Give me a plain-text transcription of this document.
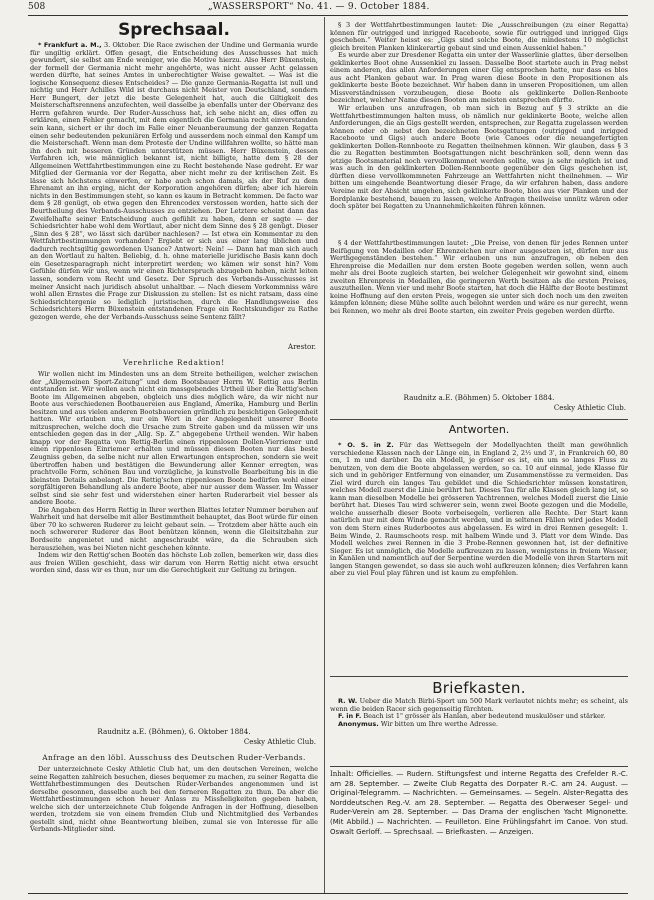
508	„WASSERSPORT“ No. 41. — 9. October 1884.
Sprechsaal.

* Frankfurt a. M., 3. Oktober. Die Race zwischen der Undine und Germania wurde für ungiltig erklärt. Offen gesagt, die Entscheidung des Ausschusses hat mich gewundert, sie selbst am Ende weniger, wie die Motive hierzu. Also Herr Büxenstein, der formell der Germania nicht mehr angehörte, was nicht ausser Acht gelassen werden dürfte, hat seines Amtes in unberechtigter Weise gewaltet. — Was ist die logische Konsequenz dieses Entscheides? — Die ganze Germania-Regatta ist null und nichtig und Herr Achilles Wild ist durchaus nicht Meister von Deutschland, sondern Herr Bungert, der jetzt die beste Gelegenheit hat, auch die Giltigkeit des Meisterschaftsrennens anzufechten, weil dasselbe ja ebenfalls unter der Obervanz des Herrn gefahren wurde. Der Ruder-Ausschuss hat, ich sehe nicht an, dies offen zu erklären, einen Fehler gemacht, mit dem eigentlich die Germania recht einverstanden sein kann, sichert er ihr doch im Falle einer Neuanberaumung der ganzen Regatta einen sehr bedeutenden pekuniären Erfolg und ausserdem noch einmal den Kampf um die Meisterschaft. Wenn man dem Proteste der Undine willfahren wollte, so hätte man ihn doch mit besseren Gründen unterstützen müssen. Herr Büxenstein, dessen Verfahren ich, wie männiglich bekannt ist, nicht billigte, hatte dem § 28 der Allgemeinen Wettfahrtbestimmungen eine zu Recht bestehende Nase gedreht. Er war Mitglied der Germania vor der Regatta, aber nicht mehr zu der kritischen Zeit. Es lässe sich höchstens einwerfen, er habe auch schon damals, als der Ruf zu dem Ehrenamt an ihn erging, nicht der Korporation angehören dürfen; aber ich hierein nichts in den Bestimmungen steht, so kann es kaum in Betracht kommen. De facto war dem § 28 genügt, ob etwa gegen den Ehrencodex verstossen worden, hatte sich der Beurtheilung des Verbands-Ausschusses zu entziehen. Der Letztere scheint dann das Zweifelhafte seiner Entscheidung auch gefühlt zu haben, denn er sagte — der Schiedsrichter habe wohl dem Wortlaut, aber nicht dem Sinne des § 28 genügt. Dieser „Sinn des § 28“, wo lässt sich darüber nachlesen? — Ist etwa ein Kommentar zu den Wettfahrtbestimmungen vorhanden? Ergiebt er sich aus einer lang üblichen und dadurch rechtsgiltig gewordenen Usance? Antwort: Nein! — Dann hat man sich auch an den Wortlaut zu halten. Beliebig, d. h. ohne materielle juridische Basis kann doch ein Gesetzesparagraph nicht interpretirt werden; wo kämen wir sonst hin? Vom Gefühle dürfen wir uns, wenn wir einen Richterspruch abzugeben haben, nicht leiten lassen, sondern vom Recht und Gesetz. Der Spruch des Verbands-Ausschusses ist meiner Ansicht nach juridisch absolut unhaltbar. — Nach diesem Vorkommniss wäre wohl allen Ernstes die Frage zur Diskussion zu stellen: Ist es nicht ratsam, dass eine Schiedsrichtergenie so lediglich juristischen, durch die Handlungsweise des Schiedsrichters Herrn Büxenstein entstandenen Frage ein Rechtskundiger zu Rathe gezogen werde, ehe der Verbands-Ausschuss seine Sentenz fällt?

Arestor.
Verehrliche Redaktion!

Wir wollen nicht im Mindesten uns an dem Streite betheiligen, welcher zwischen der „Allgemeinen Sport-Zeitung“ und dem Bootsbauer Herrn W. Rettig aus Berlin entstanden ist. Wir wollen auch nicht ein massgebendes Urtheil über die Rettig'schen Boote im Allgemeinen abgeben, obgleich uns dies möglich wäre, da wir nicht nur Boote aus verschiedenen Bootbauereien aus England, Amerika, Hamburg und Berlin besitzen und aus vielen anderen Bootsbauereien gründlich zu besichtigen Gelegenheit hatten. Wir erlauben uns, nur ein Wort in der Angelegenheit unserer Boote mitzusprechen, welche doch die Ursache zum Streite gaben und da müssen wir uns entschieden gegen das in der „Allg. Sp. Z.“ abgegebene Urtheil wenden. Wir haben knapp vor der Regatta von Rettig-Berlin einen rippenlosen Dollen-Vierriemer und einen rippenlosen Einriemer erhalten und müssen diesen Booten nur das beste Zeugniss geben, da selbe nicht nur allen Erwartungen entsprochen, sondern sie weit übertroffen haben und bestätigen die Bewunderung aller Kenner erregten, was prachtvolle Form, schönen Bau und vorzügliche, ja kunstvolle Bearbeitung bis in die kleinsten Details anbelangt. Die Rettig'schen rippenlosen Boote bedürfen wohl einer sorgfältigeren Behandlung als andere Boote, aber nur ausser dem Wasser. Im Wasser selbst sind sie sehr fest und widerstehen einer harten Ruderarbeit viel besser als andere Boote.

Die Angaben des Herrn Rettig in Ihrer werthen Blattes letzter Nummer beruhen auf Wahrheit und hat derselbe mit aller Bestimmtheit behauptet, das Boot würde für einen über 70 ko schweren Ruderer zu leicht gebaut sein. — Trotzdem aber hätte auch ein noch schwererer Ruderer das Boot benützen können, wenn die Gleitsitzbahn zur Bordseite angenietet und nicht angeschraubt wäre, da die Schrauben sich herausziehen, was bei Nieten nicht geschehen könnte.

Indem wir den Rettig'schen Booten das höchste Lob zollen, bemerken wir, dass dies aus freien Willen geschieht, dass wir darum von Herrn Rettig nicht etwa ersucht worden sind, dass wir es thun, nur um die Gerechtigkeit zur Geltung zu bringen.

Raudnitz a.E. (Böhmen), 6. Oktober 1884.
Cesky Athletic Club.
Anfrage an den löbl. Ausschuss des Deutschen Ruder-Verbands.

Der unterzeichnete Cesky Athletic Club hat, um den deutschen Vereinen, welche seine Regatten zahlreich besuchen, dieses bequemer zu machen, zu seiner Regatta die Wettfahrtbestimmungen des Deutschen Ruder-Verbandes angenommen und ist derselbe gesonnen, dasselbe auch bei den ferneren Regatten zu thun. Da aber die Wettfahrtbestimmungen schon heuer Anlass zu Missheligkeiten gegeben haben, welche sich der unterzeichnete Club folgende Anfragen in der Hoffnung, dieselben werden, trotzdem sie von einem fremden Club und Nichtmitglied des Verbandes gestellt sind, nicht ohne Beantwortung bleiben, zumal sie von Interesse für alle Verbands-Mitglieder sind.

§ 3 der Wettfahrtbestimmungen lautet: Die „Ausschreibungen (zu einer Regatta) können für outrigged und inrigged Raceboote, sowie für outrigged und inrigged Gigs geschehen.“ Weiter heisst es: „Gigs sind solche Boote, die mindestens 10 möglichst gleich breiten Planken klinkerartig gebaut sind und einen Aussenkiel haben.“

Es wurde aber zur Dresdener Regatta ein unter der Wasserlinie glattes, über derselben geklinkertes Boot ohne Aussenkiel zu lassen. Dasselbe Boot startete auch in Prag nebst einem anderen, das allen Anforderungen einer Gig entsprochen hatte, nur dass es blos aus acht Planken gebaut war. In Prag waren diese Boote in den Propositionen als geklinkerte beste Boote bezeichnet. Wir haben dann in unseren Propositionen, um allen Missverständnissen vorzubeugen, diese Boote als geklinkerte Dollen-Renboote bezeichnet, welcher Name diesen Booten am meisten entsprechen dürfte.

Wir erlauben uns anzufragen, ob man sich in Bezug auf § 3 strikte an die Wettfahrtbestimmungen halten muss, ob nämlich nur geklinkerte Boote, welche allen Anforderungen, die an Gigs gestellt werden, entsprechen, zur Regatta zugelassen werden können oder ob nebst den bezeichneten Bootsgattungen (outrigged und inrigged Raceboote und Gigs) auch andere Boote (wie Canoes oder die neuangefertigten geklinkerten Dollen-Rennboote zu Regatten theilnehmen können. Wir glauben, dass § 3 die zu Regatten bestimmten Bootsgattungen nicht beschränken soll, denn wenn das jetzige Bootsmaterial noch vervollkommnet werden sollte, was ja sehr möglich ist und was auch in den geklinkerten Dollen-Rennboote gegenüber den Gigs geschehen ist, dürften diese vervollkommneten Fahrzeuge an Wettfahrten nicht theilnehmen. — Wir bitten um eingehende Beantwortung dieser Frage, da wir erfahren haben, dass andere Vereine mit der Absicht umgehen, sich geklinkerte Boote, blos aus vier Planken und der Bordplanke bestehend, bauen zu lassen, welche Anfragen theilweise unnütz wären oder doch später bei Regatten zu Unannehmlichkeiten führen können.

§ 4 der Wettfahrtbestimmungen lautet: „Die Preise, von denen für jedes Rennen unter Beifügung von Medaillen oder Ehrenzeichen nur einer ausgesetzen ist, dürfen nur aus Werthgegenständen bestehen.“ Wir erlauben uns nun anzufragen, ob neben den Ehrenpreise die Medaillen nur dem ersten Boote gegeben werden sollen, wenn auch mehr als drei Boote zugleich starten, bei welcher Gelegenheit wir gewohnt sind, einem zweiten Ehrenpreis in Medaillen, die geringeren Werth besitzen als die ersten Preises, auszutheilen. Wenn vier und mehr Boote starten, hat doch die Hälfte der Boote bestimmt keine Hoffnung auf den ersten Preis, wogegen sie unter sich doch noch um den zweiten kämpfen können; diese Mühe sollte auch belohnt werden und wäre es nur gerecht, wenn bei Rennen, wo mehr als drei Boote starten, ein zweiter Preis gegeben werden dürfte.

Raudnitz a.E. (Böhmen) 5. Oktober 1884.
Cesky Athletic Club.
Antworten.

* O. S. in Z. Für das Wettsegeln der Modellyachten theilt man gewöhnlich verschiedene Klassen nach der Länge ein, in England 2, 2½ und 3', in Frankreich 60, 80 cm, 1 m und darüber. Da ein Modell, je grösser es ist, ein um so langes Fluss zu benutzen, von dem die Boote abgelassen werden, so ca. 10 auf einmal, jede Klasse für sich und in gehöriger Entfernung von einander, um Zusammenstösse zu vermeiden. Das Ziel wird durch ein langes Tau gebildet und die Schiedsrichter müssen konstatiren, welches Modell zuerst die Linie berührt hat. Dieses Tau für alle Klassen gleich lang ist, so kann man dieselben Modelle bei grösseren Yachtrennen, welches Modell zuerst die Linie berührt hat. Dieses Tau wird schwerer sein, wenn zwei Boote gezogen und die Modelle, welche ausserhalb dieser Boote vorbeisegeln, verlieren alle Rechte. Der Start kann natürlich nur mit dem Winde gemacht werden, und in seltenen Fällen wird jedes Modell von dem Stern eines Ruderbootes aus abgelassen. Es wird in drei Rennen gesegelt: 1. Beim Winde, 2. Raumschoots resp. mit halbem Winde und 3. Platt vor dem Winde. Das Modell welches zwei Rennen in die 3 Probe-Rennen gewonnen hat, ist der definitive Sieger. Es ist unmöglich, die Modelle aufkreuzen zu lassen, wenigstens in freiem Wasser, in Kanälen und namentlich auf der Serpentine werden die Modelle von ihren Startern mit langen Stangen gewendet, so dass sie auch wohl aufkreuzen können; dies Verfahren kann aber zu viel Foul play führen und ist kaum zu empfehlen.

Briefkasten.

R. W. Ueber die Match Birbi-Sport um 500 Mark verlautet nichts mehr; es scheint, als wenn die beiden Racer sich gegenseitig fürchten.

F. in F. Beach ist 1" grösser als Hanlan, aber bedeutend muskulöser und stärker.

Anonymus. Wir bitten um Ihre werthe Adresse.

Inhalt: Officielles. — Rudern. Stiftungsfest und interne Regatta des Crefelder R.-C. am 28. September. — Zweite Club Regatta des Dorpater R.-C. am 24. August. — Original-Telegramm. — Nachrichten. — Gemeinsames. — Segeln. Alster-Regatta des Norddeutschen Reg.-V. am 28. September. — Regatta des Oberweser Segel- und Ruder-Verein am 28. September. — Das Drama der englischen Yacht Mignonette. (Mit Abbild.) — Nachrichten. — Feuilleton. Eine Frühlingsfahrt im Canoe. Von stud. Oswalt Gerloff. — Sprechsaal. — Briefkasten. — Anzeigen.
